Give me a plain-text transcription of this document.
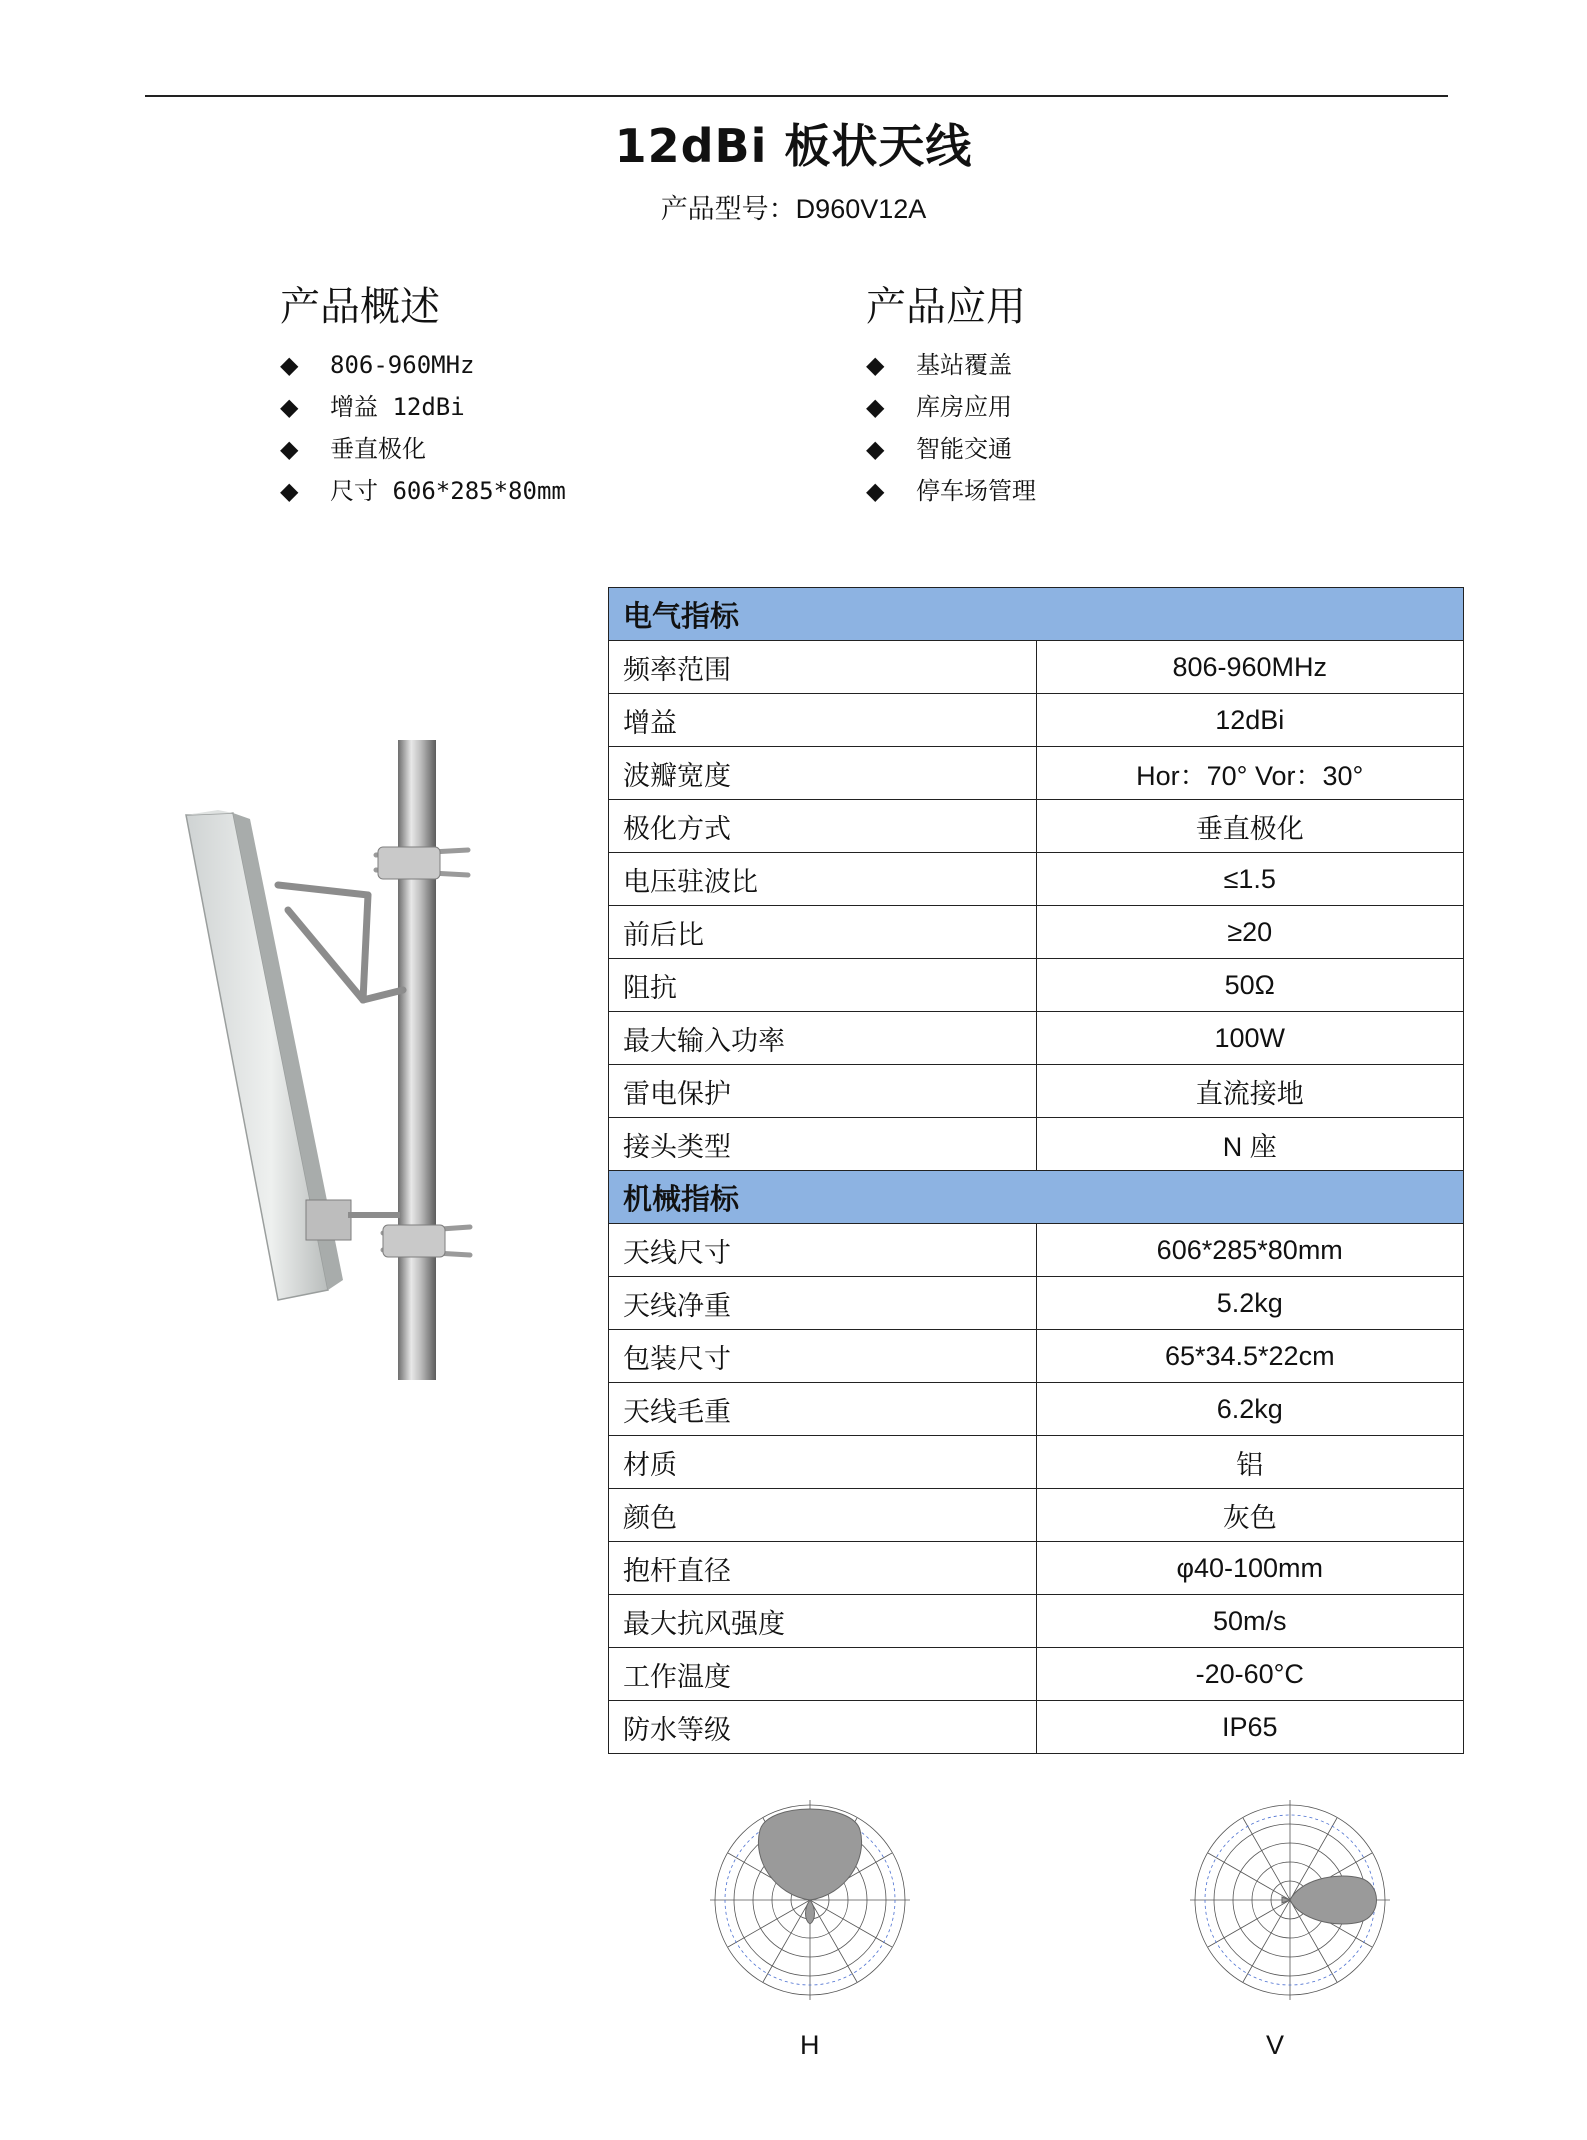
12dBi 板状天线
产品型号：D960V12A
产品概述
◆ 806-960MHz
◆ 增益 12dBi
◆ 垂直极化
◆ 尺寸 606*285*80mm
产品应用
◆ 基站覆盖
◆ 库房应用
◆ 智能交通
◆ 停车场管理
电气指标	
频率范围	806-960MHz
增益	12dBi
波瓣宽度	Hor：70° Vor：30°
极化方式	垂直极化
电压驻波比	≤1.5
前后比	≥20
阻抗	50Ω
最大输入功率	100W
雷电保护	直流接地
接头类型	N 座
机械指标	
天线尺寸	606*285*80mm
天线净重	5.2kg
包装尺寸	65*34.5*22cm
天线毛重	6.2kg
材质	铝
颜色	灰色
抱杆直径	φ40-100mm
最大抗风强度	50m/s
工作温度	-20-60°C
防水等级	IP65
H	V
